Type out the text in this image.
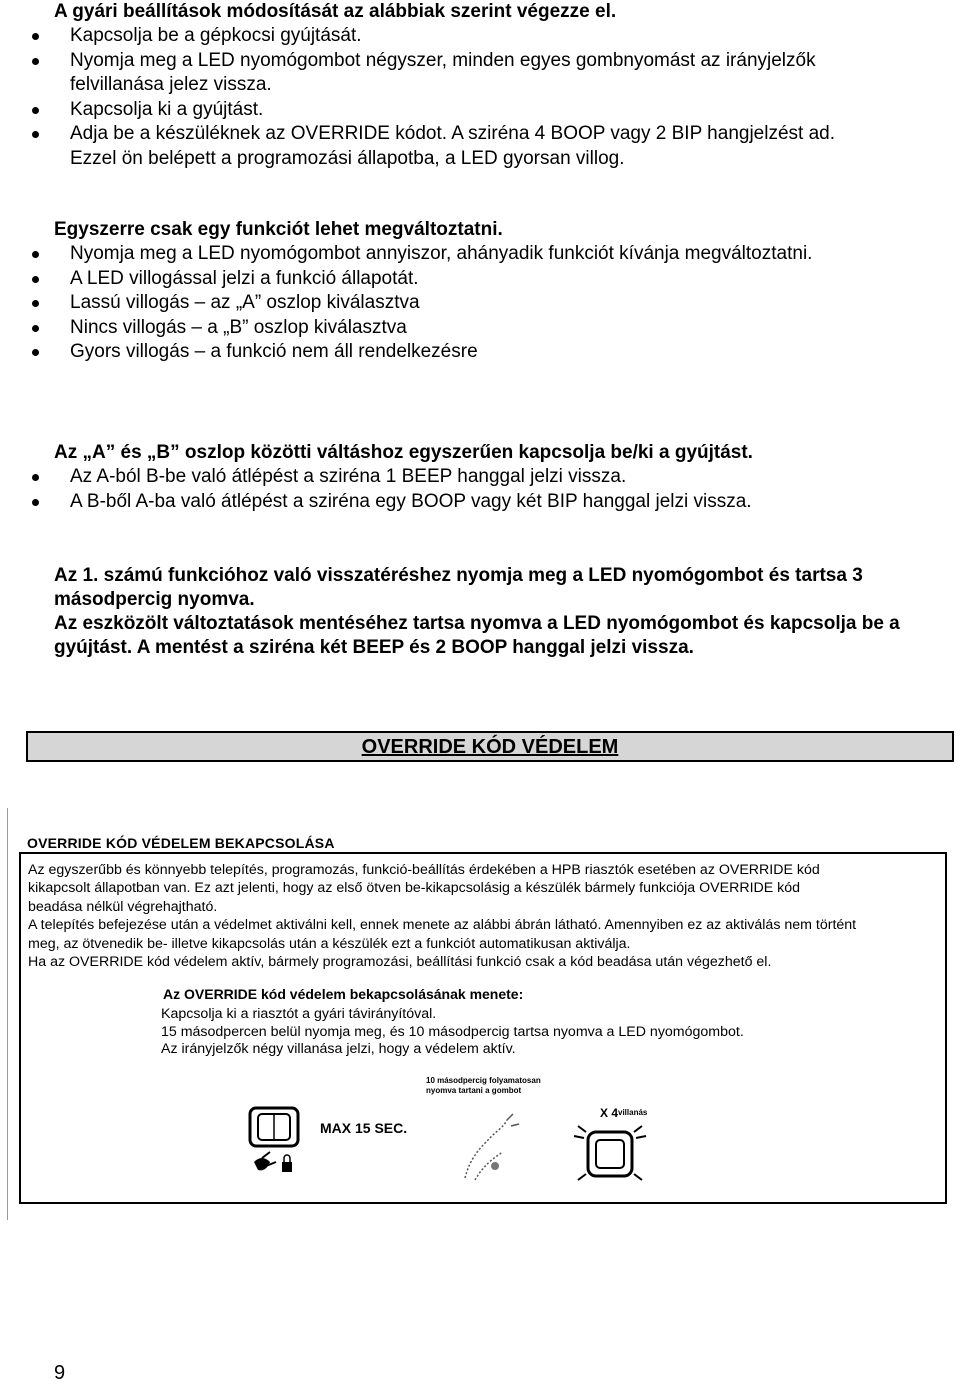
A gyári beállítások módosítását az alábbiak szerint végezze el.
Kapcsolja be a gépkocsi gyújtását.
Nyomja meg a LED nyomógombot négyszer, minden egyes gombnyomást az irányjelzők felvillanása jelez vissza.
Kapcsolja ki a gyújtást.
Adja be a készüléknek az OVERRIDE kódot. A sziréna 4 BOOP vagy 2 BIP hangjelzést ad. Ezzel ön belépett a programozási állapotba, a LED gyorsan villog.
Egyszerre csak egy funkciót lehet megváltoztatni.
Nyomja meg a LED nyomógombot annyiszor, ahányadik funkciót kívánja megváltoztatni.
A LED villogással jelzi a funkció állapotát.
Lassú villogás – az „A” oszlop kiválasztva
Nincs villogás – a „B” oszlop kiválasztva
Gyors villogás – a funkció nem áll rendelkezésre
Az „A” és „B” oszlop közötti váltáshoz egyszerűen kapcsolja be/ki a gyújtást.
Az A-ból B-be való átlépést a sziréna 1 BEEP hanggal jelzi vissza.
A B-ből A-ba való átlépést a sziréna egy BOOP vagy két BIP hanggal jelzi vissza.
Az 1. számú funkcióhoz való visszatéréshez nyomja meg a LED nyomógombot és tartsa 3 másodpercig nyomva.
Az eszközölt változtatások mentéséhez tartsa nyomva a LED nyomógombot és kapcsolja be a gyújtást. A mentést a sziréna két BEEP és 2 BOOP hanggal jelzi vissza.
OVERRIDE KÓD VÉDELEM
OVERRIDE KÓD VÉDELEM BEKAPCSOLÁSA
Az egyszerűbb és könnyebb telepítés, programozás, funkció-beállítás érdekében a HPB riasztók esetében az OVERRIDE kód
kikapcsolt állapotban van. Ez azt jelenti, hogy az első ötven be-kikapcsolásig a készülék bármely funkciója OVERRIDE kód
beadása nélkül végrehajtható.
A telepítés befejezése után a védelmet aktiválni kell, ennek menete az alábbi ábrán látható. Amennyiben ez az aktiválás nem történt
meg, az ötvenedik be- illetve kikapcsolás után a készülék ezt a funkciót automatikusan aktiválja.
Ha az OVERRIDE kód védelem aktív, bármely programozási, beállítási funkció csak a kód beadása után végezhető el.
Az OVERRIDE kód védelem bekapcsolásának menete:
Kapcsolja ki a riasztót a gyári távirányítóval.
15 másodpercen belül nyomja meg, és 10 másodpercig tartsa nyomva a LED nyomógombot.
Az irányjelzők négy villanása jelzi, hogy a védelem aktív.
10 másodpercig folyamatosan
nyomva tartani a gombot
MAX 15 SEC.
X 4 villanás
9
